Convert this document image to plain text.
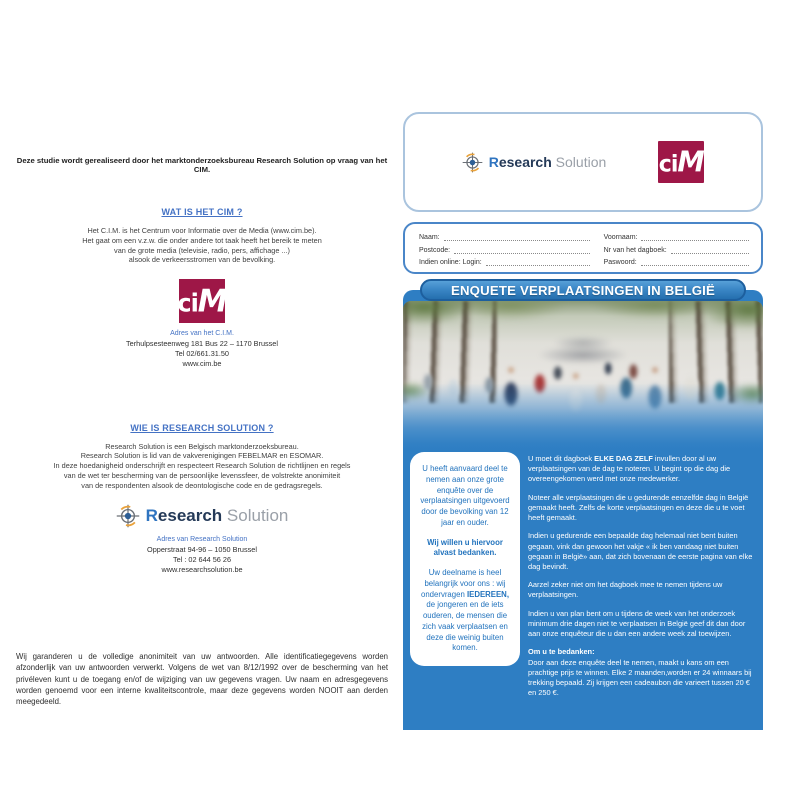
Deze studie wordt gerealiseerd door het marktonderzoeksbureau Research Solution op vraag van het CIM.

WAT IS HET CIM ?
Het C.I.M. is het Centrum voor Informatie over de Media (www.cim.be).
Het gaat om een v.z.w. die onder andere tot taak heeft het bereik te meten
van de grote media (televisie, radio, pers, affichage ...)
alsook de verkeersstromen van de bevolking.
ciM
Adres van het C.I.M.
Terhulpsesteenweg 181 Bus 22 – 1170 Brussel
Tel 02/661.31.50
www.cim.be
WIE IS RESEARCH SOLUTION ?
Research Solution is een Belgisch marktonderzoeksbureau.
Research Solution is lid van de vakverenigingen FEBELMAR en ESOMAR.
In deze hoedanigheid onderschrijft en respecteert Research Solution de richtlijnen en regels
van de wet ter bescherming van de persoonlijke levenssfeer, de volstrekte anonimiteit
van de respondenten alsook de deontologische code en de gedragsregels.
Research Solution
Adres van Research Solution
Opperstraat 94-96 – 1050 Brussel
Tel : 02 644 56 26
www.researchsolution.be

Wij garanderen u de volledige anonimiteit van uw antwoorden. Alle identificatiegegevens worden afzonderlijk van uw antwoorden verwerkt. Volgens de wet van 8/12/1992 over de bescherming van het privéleven kunt u de toegang en/of de wijziging van uw gegevens vragen. Uw naam en adresgegevens worden genoemd voor een interne kwaliteitscontrole, maar deze gegevens worden NOOIT aan derden meegedeeld.

Research Solution ciM
Naam:	Voornaam:
Postcode:	Nr van het dagboek:
Indien online: Login:	Paswoord:
ENQUETE VERPLAATSINGEN IN BELGIË

U heeft aanvaard deel te nemen aan onze grote enquête over de verplaatsingen uitgevoerd door de bevolking van 12 jaar en ouder.

Wij willen u hiervoor alvast bedanken.

Uw deelname is heel belangrijk voor ons : wij ondervragen IEDEREEN, de jongeren en de iets ouderen, de mensen die zich vaak verplaatsen en deze die weinig buiten komen.

U moet dit dagboek ELKE DAG ZELF invullen door al uw verplaatsingen van de dag te noteren. U begint op die dag die overeengekomen werd met onze medewerker.

Noteer alle verplaatsingen die u gedurende eenzelfde dag in België gemaakt heeft. Zelfs de korte verplaatsingen en deze die u te voet heeft gemaakt.

Indien u gedurende een bepaalde dag helemaal niet bent buiten gegaan, vink dan gewoon het vakje « ik ben vandaag niet buiten gegaan in België» aan, dat zich bovenaan de eerste pagina van elke dag bevindt.

Aarzel zeker niet om het dagboek mee te nemen tijdens uw verplaatsingen.

Indien u van plan bent om u tijdens de week van het onderzoek minimum drie dagen niet te verplaatsen in België geef dit dan door aan onze enquêteur die u dan een andere week zal toewijzen.

Om u te bedanken:
Door aan deze enquête deel te nemen, maakt u kans om een prachtige prijs te winnen. Elke 2 maanden,worden er 24 winnaars bij trekking bepaald. Zij krijgen een cadeaubon die varieert tussen 20 € en 250 €.
